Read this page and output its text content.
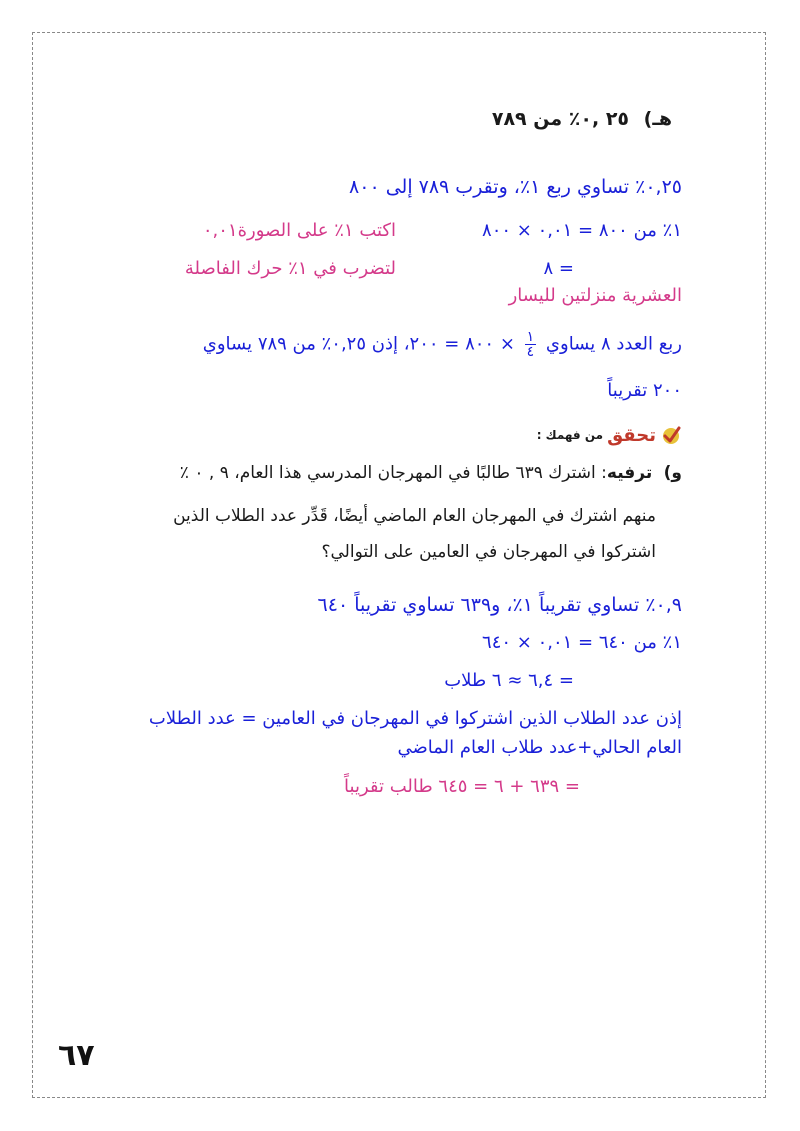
هـ) ٢٥ ,٠٪ من ٧٨٩
٠,٢٥٪ تساوي ربع ١٪، وتقرب ٧٨٩ إلى ٨٠٠
١٪ من ٨٠٠ = ٠,٠١ × ٨٠٠
اكتب ١٪ على الصورة٠,٠١
= ٨
لتضرب في ١٪ حرك الفاصلة
العشرية منزلتين لليسار
ربع العدد ٨ يساوي
$\frac{١}{٤}$
× ٨٠٠ = ٢٠٠، إذن ٠,٢٥٪ من ٧٨٩ يساوي
٢٠٠ تقريباً
تحقق
من فهمك :
و) ترفيه: اشترك ٦٣٩ طالبًا في المهرجان المدرسي هذا العام، ٩ , ٠ ٪
منهم اشترك في المهرجان العام الماضي أيضًا، قَدِّر عدد الطلاب الذين
اشتركوا في المهرجان في العامين على التوالي؟
٠,٩٪ تساوي تقريباً ١٪، و٦٣٩ تساوي تقريباً ٦٤٠
١٪ من ٦٤٠ = ٠,٠١ × ٦٤٠
= ٦,٤ ≈ ٦ طلاب
إذن عدد الطلاب الذين اشتركوا في المهرجان في العامين = عدد الطلاب
العام الحالي+عدد طلاب العام الماضي
= ٦٣٩ + ٦ = ٦٤٥ طالب تقريباً
٦٧
